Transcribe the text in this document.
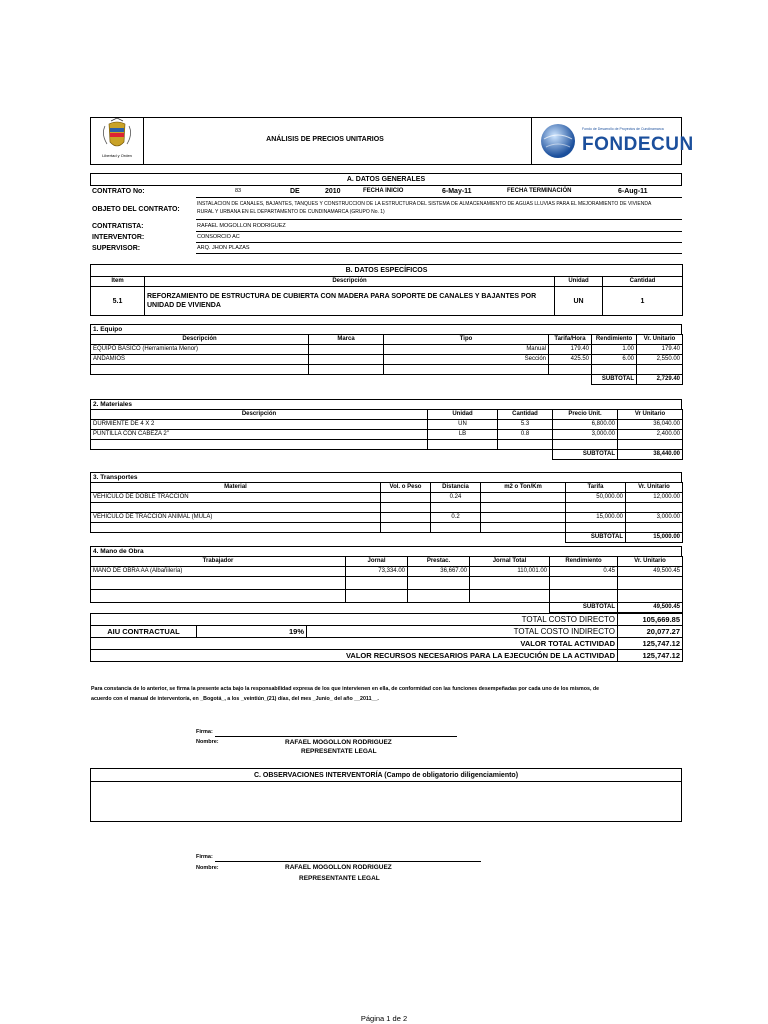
Libertad y Orden
ANÁLISIS DE PRECIOS UNITARIOS
Fondo de Desarrollo de Proyectos de Cundinamarca
FONDECUN
A. DATOS GENERALES
CONTRATO No:	83	DE	2010	FECHA INICIO	6-May-11	FECHA TERMINACIÓN	6-Aug-11
OBJETO DEL CONTRATO:
INSTALACION DE CANALES, BAJANTES, TANQUES Y CONSTRUCCION DE LA ESTRUCTURA DEL SISTEMA DE ALMACENAMIENTO DE AGUAS LLUVIAS PARA EL MEJORAMIENTO DE VIVIENDA
RURAL Y URBANA EN EL DEPARTAMENTO DE CUNDINAMARCA (GRUPO No. 1)
CONTRATISTA:	RAFAEL MOGOLLON RODRIGUEZ
INTERVENTOR:	CONSORCIO AC
SUPERVISOR:	ARQ. JHON PLAZAS
B. DATOS ESPECÍFICOS			
Item	Descripción	Unidad	Cantidad
5.1	REFORZAMIENTO DE ESTRUCTURA DE CUBIERTA CON MADERA PARA SOPORTE DE CANALES Y BAJANTES POR UNIDAD DE VIVIENDA	UN	1
1. Equipo
Descripción	Marca	Tipo	Tarifa/Hora	Rendimiento	Vr. Unitario
EQUIPO BASICO (Herramienta Menor)		Manual	179.40	1.00	179.40
ANDAMIOS		Sección	425.50	6.00	2,550.00

				SUBTOTAL	2,729.40
2. Materiales
Descripción	Unidad	Cantidad	Precio Unit.	Vr Unitario
DURMIENTE DE 4 X 2	UN	5.3	6,800.00	36,040.00
PUNTILLA CON CABEZA 2"	LB	0.8	3,000.00	2,400.00

			SUBTOTAL	38,440.00
3. Transportes
Material	Vol. o Peso	Distancia	m2 o Ton/Km	Tarifa	Vr. Unitario
VEHICULO DE DOBLE TRACCION		0.24		50,000.00	12,000.00

VEHICULO DE TRACCION ANIMAL (MULA)		0.2		15,000.00	3,000.00

				SUBTOTAL	15,000.00
4. Mano de Obra
Trabajador	Jornal	Prestac.	Jornal Total	Rendimiento	Vr. Unitario
MANO DE OBRA AA (Albañilería)	73,334.00	36,667.00	110,001.00	0.45	49,500.45

				SUBTOTAL	49,500.45
TOTAL COSTO DIRECTO			105,669.85
AIU CONTRACTUAL	19%	TOTAL COSTO INDIRECTO	20,077.27
VALOR TOTAL ACTIVIDAD			125,747.12
VALOR RECURSOS NECESARIOS PARA LA EJECUCIÓN DE LA ACTIVIDAD			125,747.12
Para constancia de lo anterior, se firma la presente acta bajo la responsabilidad expresa de los que intervienen en ella, de conformidad con las funciones desempeñadas por cada uno de los mismos, de
acuerdo con el manual de interventoría, en _Bogotá_, a los _veintiún_(21) días, del mes _Junio_ del año __2011__.
Firma:
Nombre:	RAFAEL MOGOLLON RODRIGUEZ
REPRESENTATE LEGAL
C. OBSERVACIONES INTERVENTORÍA (Campo de obligatorio diligenciamiento)
Firma:
Nombre:	RAFAEL MOGOLLON RODRIGUEZ
REPRESENTANTE LEGAL
Página 1 de 2
